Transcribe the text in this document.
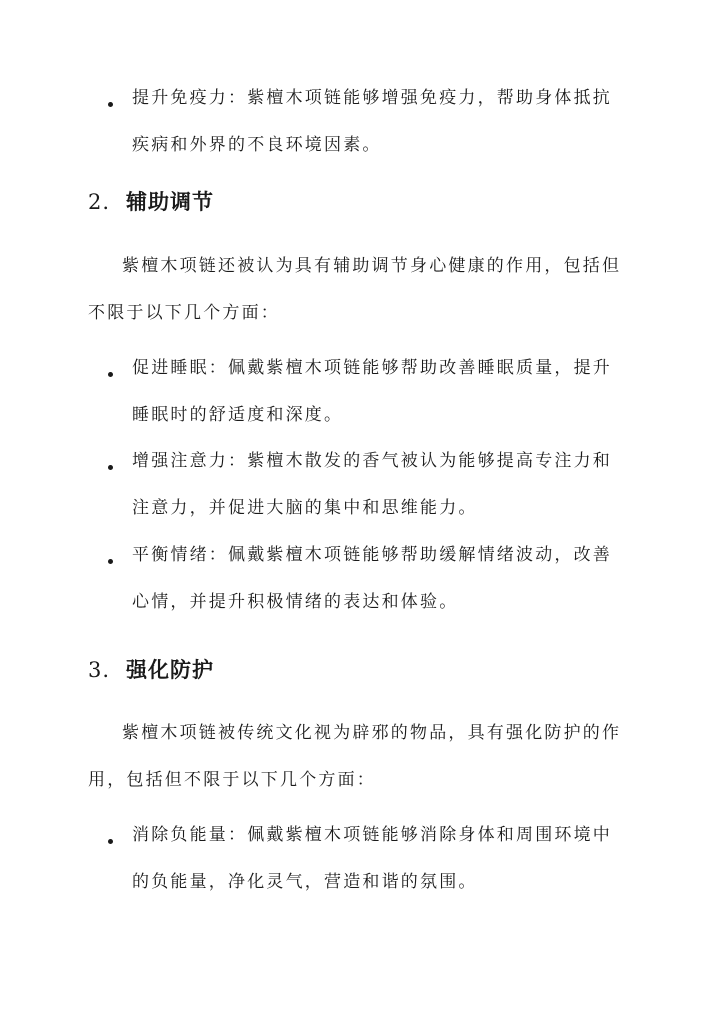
提升免疫力：紫檀木项链能够增强免疫力，帮助身体抵抗疾病和外界的不良环境因素。
2. 辅助调节
紫檀木项链还被认为具有辅助调节身心健康的作用，包括但不限于以下几个方面：
促进睡眠：佩戴紫檀木项链能够帮助改善睡眠质量，提升睡眠时的舒适度和深度。
增强注意力：紫檀木散发的香气被认为能够提高专注力和注意力，并促进大脑的集中和思维能力。
平衡情绪：佩戴紫檀木项链能够帮助缓解情绪波动，改善心情，并提升积极情绪的表达和体验。
3. 强化防护
紫檀木项链被传统文化视为辟邪的物品，具有强化防护的作用，包括但不限于以下几个方面：
消除负能量：佩戴紫檀木项链能够消除身体和周围环境中的负能量，净化灵气，营造和谐的氛围。
